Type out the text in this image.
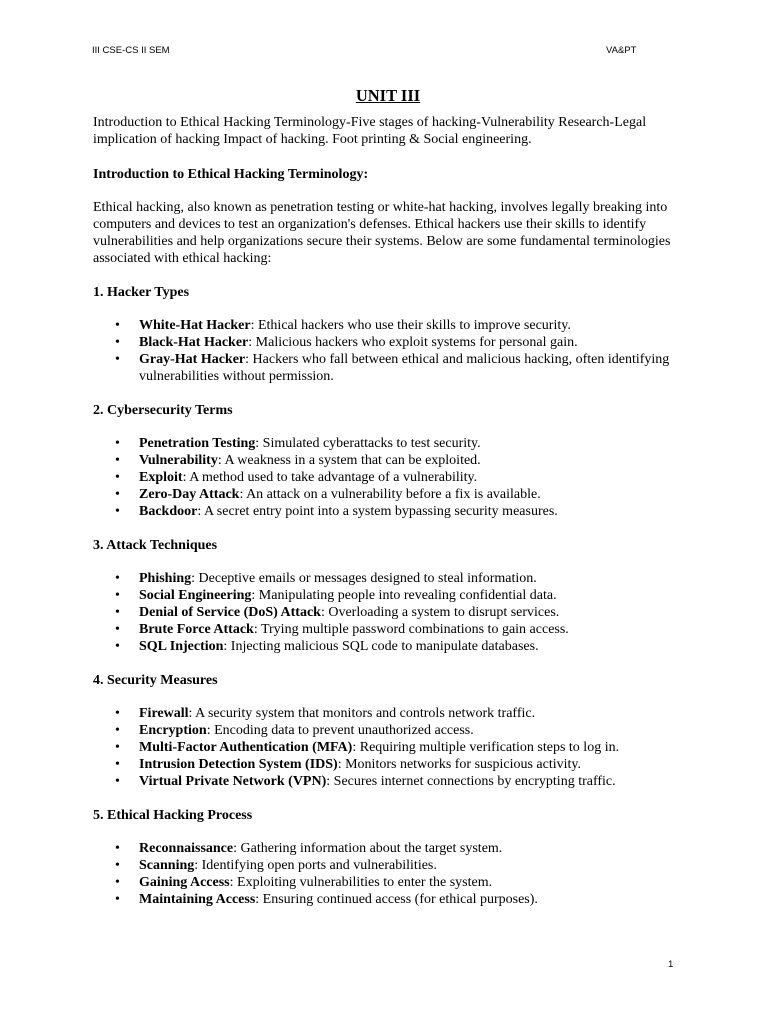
III CSE-CS II SEM	VA&PT
UNIT III

Introduction to Ethical Hacking Terminology-Five stages of hacking-Vulnerability Research-Legal implication of hacking Impact of hacking. Foot printing & Social engineering.

Introduction to Ethical Hacking Terminology:

Ethical hacking, also known as penetration testing or white-hat hacking, involves legally breaking into computers and devices to test an organization's defenses. Ethical hackers use their skills to identify vulnerabilities and help organizations secure their systems. Below are some fundamental terminologies associated with ethical hacking:

1. Hacker Types

• White-Hat Hacker: Ethical hackers who use their skills to improve security.
• Black-Hat Hacker: Malicious hackers who exploit systems for personal gain.
• Gray-Hat Hacker: Hackers who fall between ethical and malicious hacking, often identifying vulnerabilities without permission.

2. Cybersecurity Terms

• Penetration Testing: Simulated cyberattacks to test security.
• Vulnerability: A weakness in a system that can be exploited.
• Exploit: A method used to take advantage of a vulnerability.
• Zero-Day Attack: An attack on a vulnerability before a fix is available.
• Backdoor: A secret entry point into a system bypassing security measures.

3. Attack Techniques

• Phishing: Deceptive emails or messages designed to steal information.
• Social Engineering: Manipulating people into revealing confidential data.
• Denial of Service (DoS) Attack: Overloading a system to disrupt services.
• Brute Force Attack: Trying multiple password combinations to gain access.
• SQL Injection: Injecting malicious SQL code to manipulate databases.

4. Security Measures

• Firewall: A security system that monitors and controls network traffic.
• Encryption: Encoding data to prevent unauthorized access.
• Multi-Factor Authentication (MFA): Requiring multiple verification steps to log in.
• Intrusion Detection System (IDS): Monitors networks for suspicious activity.
• Virtual Private Network (VPN): Secures internet connections by encrypting traffic.

5. Ethical Hacking Process

• Reconnaissance: Gathering information about the target system.
• Scanning: Identifying open ports and vulnerabilities.
• Gaining Access: Exploiting vulnerabilities to enter the system.
• Maintaining Access: Ensuring continued access (for ethical purposes).
1
